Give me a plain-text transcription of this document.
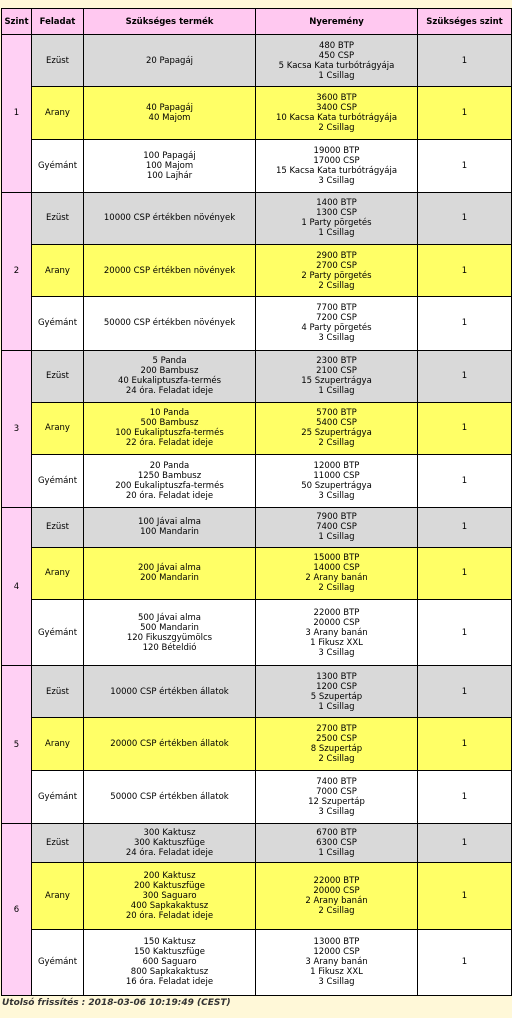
Szint	Feladat	Szükséges termék	Nyeremény	Szükséges szint
1	Ezüst	20 Papagáj	480 BTP
450 CSP
5 Kacsa Kata turbótrágyája
1 Csillag	1
	Arany	40 Papagáj
40 Majom	3600 BTP
3400 CSP
10 Kacsa Kata turbótrágyája
2 Csillag	1
	Gyémánt	100 Papagáj
100 Majom
100 Lajhár	19000 BTP
17000 CSP
15 Kacsa Kata turbótrágyája
3 Csillag	1
2	Ezüst	10000 CSP értékben növények	1400 BTP
1300 CSP
1 Party pörgetés
1 Csillag	1
	Arany	20000 CSP értékben növények	2900 BTP
2700 CSP
2 Party pörgetés
2 Csillag	1
	Gyémánt	50000 CSP értékben növények	7700 BTP
7200 CSP
4 Party pörgetés
3 Csillag	1
3	Ezüst	5 Panda
200 Bambusz
40 Eukaliptuszfa-termés
24 óra. Feladat ideje	2300 BTP
2100 CSP
15 Szupertrágya
1 Csillag	1
	Arany	10 Panda
500 Bambusz
100 Eukaliptuszfa-termés
22 óra. Feladat ideje	5700 BTP
5400 CSP
25 Szupertrágya
2 Csillag	1
	Gyémánt	20 Panda
1250 Bambusz
200 Eukaliptuszfa-termés
20 óra. Feladat ideje	12000 BTP
11000 CSP
50 Szupertrágya
3 Csillag	1
4	Ezüst	100 Jávai alma
100 Mandarin	7900 BTP
7400 CSP
1 Csillag	1
	Arany	200 Jávai alma
200 Mandarin	15000 BTP
14000 CSP
2 Arany banán
2 Csillag	1
	Gyémánt	500 Jávai alma
500 Mandarin
120 Fikuszgyümölcs
120 Bételdió	22000 BTP
20000 CSP
3 Arany banán
1 Fikusz XXL
3 Csillag	1
5	Ezüst	10000 CSP értékben állatok	1300 BTP
1200 CSP
5 Szupertáp
1 Csillag	1
	Arany	20000 CSP értékben állatok	2700 BTP
2500 CSP
8 Szupertáp
2 Csillag	1
	Gyémánt	50000 CSP értékben állatok	7400 BTP
7000 CSP
12 Szupertáp
3 Csillag	1
6	Ezüst	300 Kaktusz
300 Kaktuszfüge
24 óra. Feladat ideje	6700 BTP
6300 CSP
1 Csillag	1
	Arany	200 Kaktusz
200 Kaktuszfüge
300 Saguaro
400 Sapkakaktusz
20 óra. Feladat ideje	22000 BTP
20000 CSP
2 Arany banán
2 Csillag	1
	Gyémánt	150 Kaktusz
150 Kaktuszfüge
600 Saguaro
800 Sapkakaktusz
16 óra. Feladat ideje	13000 BTP
12000 CSP
3 Arany banán
1 Fikusz XXL
3 Csillag	1
Utolsó frissítés : 2018-03-06 10:19:49 (CEST)
